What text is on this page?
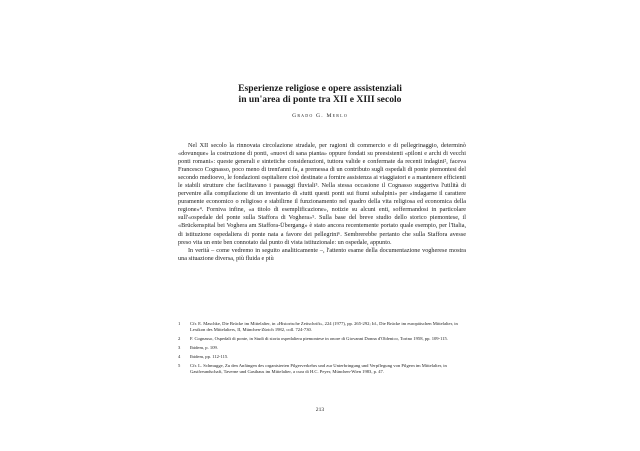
Esperienze religiose e opere assistenziali
in un'area di ponte tra XII e XIII secolo
Grado G. Merlo

Nel XII secolo la rinnovata circolazione stradale, per ragioni di commercio e di pellegrinaggio, determinò «dovunque» la costruzione di ponti, «nuovi di sana pianta» oppure fondati su preesistenti «piloni e archi di vecchi ponti romani»: queste generali e sintetiche considerazioni, tuttora valide e confermate da recenti indagini², faceva Francesco Cognasso, poco meno di trent'anni fa, a premessa di un contributo sugli ospedali di ponte piemontesi del secondo medioevo, le fondazioni ospitaliere cioè destinate a fornire assistenza ai viaggiatori e a mantenere efficienti le stabili strutture che facilitavano i passaggi fluviali³. Nella stessa occasione il Cognasso suggeriva l'utilità di pervenire alla compilazione di un inventario di «tutti questi ponti sui fiumi subalpini» per «indagarne il carattere puramente economico o religioso e stabilirne il funzionamento nel quadro della vita religiosa ed economica della regione»⁴. Forniva infine, «a titolo di esemplificazione», notizie su alcuni enti, soffermandosi in particolare sull'«ospedale del ponte sulla Staffora di Voghera»⁵. Sulla base del breve studio dello storico piemontese, il «Brückenspital bei Voghera am Staffora-Übergang» è stato ancora recentemente portato quale esempio, per l'Italia, di istituzione ospedaliera di ponte nata a favore dei pellegrini⁶. Sembrerebbe pertanto che sulla Staffora avesse preso vita un ente ben connotato dal punto di vista istituzionale: un ospedale, appunto.

In verità – come vedremo in seguito analiticamente –, l'attento esame della documentazione vogherese mostra una situazione diversa, più fluida e più

1	Cfr. E. Maschke, Die Brücke im Mittelalter, in «Historische Zeitschrift», 224 (1977), pp. 265-292; Id., Die Brücke im europäischen Mittelalter, in Lexikon des Mittelalters, II, München-Zürich 1982, coll. 724-730.
2	F. Cognasso, Ospedali di ponte, in Studi di storia ospedaliera piemontese in onore di Giovanni Donna d'Oldenico, Torino 1958, pp. 109-115.
3	Ibidem, p. 109.
4	Ibidem, pp. 112-115.
5	Cfr. L. Schmugge, Zu den Anfängen des organisierten Pilgerverkehrs und zur Unterbringung und Verpflegung von Pilgern im Mittelalter, in Gastfreundschaft, Taverne und Gasthaus im Mittelalter, a cura di H.C. Peyer, München-Wien 1983, p. 47.
213
